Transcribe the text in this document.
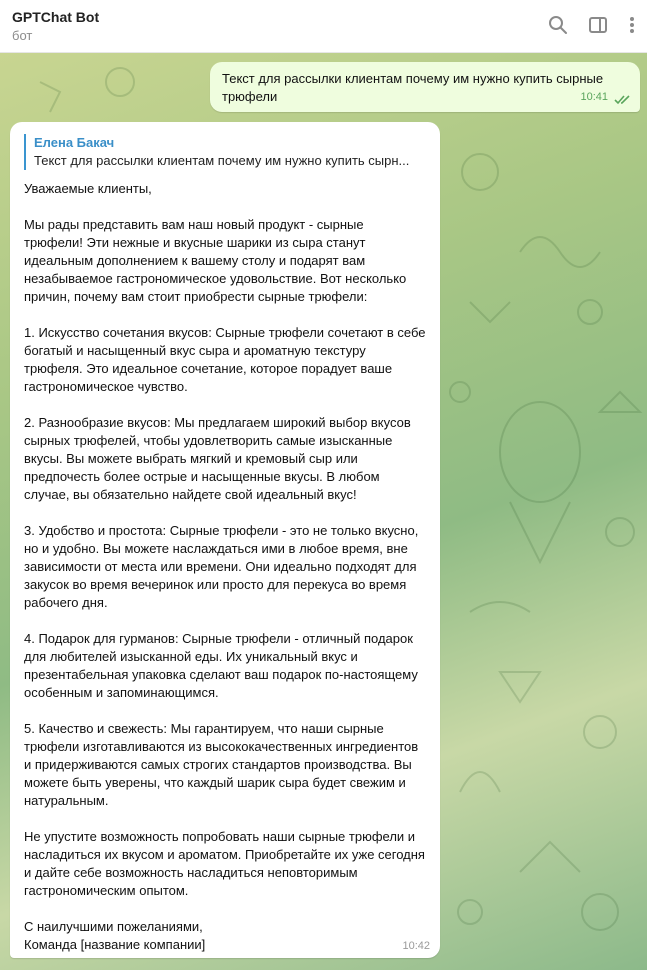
GPTChat Bot
бот
Текст для рассылки клиентам почему им нужно купить сырные трюфели	10:41
Елена Бакач
Текст для рассылки клиентам почему им нужно купить сырн...

Уважаемые клиенты,

Мы рады представить вам наш новый продукт - сырные трюфели! Эти нежные и вкусные шарики из сыра станут идеальным дополнением к вашему столу и подарят вам незабываемое гастрономическое удовольствие. Вот несколько причин, почему вам стоит приобрести сырные трюфели:

1. Искусство сочетания вкусов: Сырные трюфели сочетают в себе богатый и насыщенный вкус сыра и ароматную текстуру трюфеля. Это идеальное сочетание, которое порадует ваше гастрономическое чувство.

2. Разнообразие вкусов: Мы предлагаем широкий выбор вкусов сырных трюфелей, чтобы удовлетворить самые изысканные вкусы. Вы можете выбрать мягкий и кремовый сыр или предпочесть более острые и насыщенные вкусы. В любом случае, вы обязательно найдете свой идеальный вкус!

3. Удобство и простота: Сырные трюфели - это не только вкусно, но и удобно. Вы можете наслаждаться ими в любое время, вне зависимости от места или времени. Они идеально подходят для закусок во время вечеринок или просто для перекуса во время рабочего дня.

4. Подарок для гурманов: Сырные трюфели - отличный подарок для любителей изысканной еды. Их уникальный вкус и презентабельная упаковка сделают ваш подарок по-настоящему особенным и запоминающимся.

5. Качество и свежесть: Мы гарантируем, что наши сырные трюфели изготавливаются из высококачественных ингредиентов и придерживаются самых строгих стандартов производства. Вы можете быть уверены, что каждый шарик сыра будет свежим и натуральным.

Не упустите возможность попробовать наши сырные трюфели и насладиться их вкусом и ароматом. Приобретайте их уже сегодня и дайте себе возможность насладиться неповторимым гастрономическим опытом.

С наилучшими пожеланиями,
Команда [название компании]	10:42
